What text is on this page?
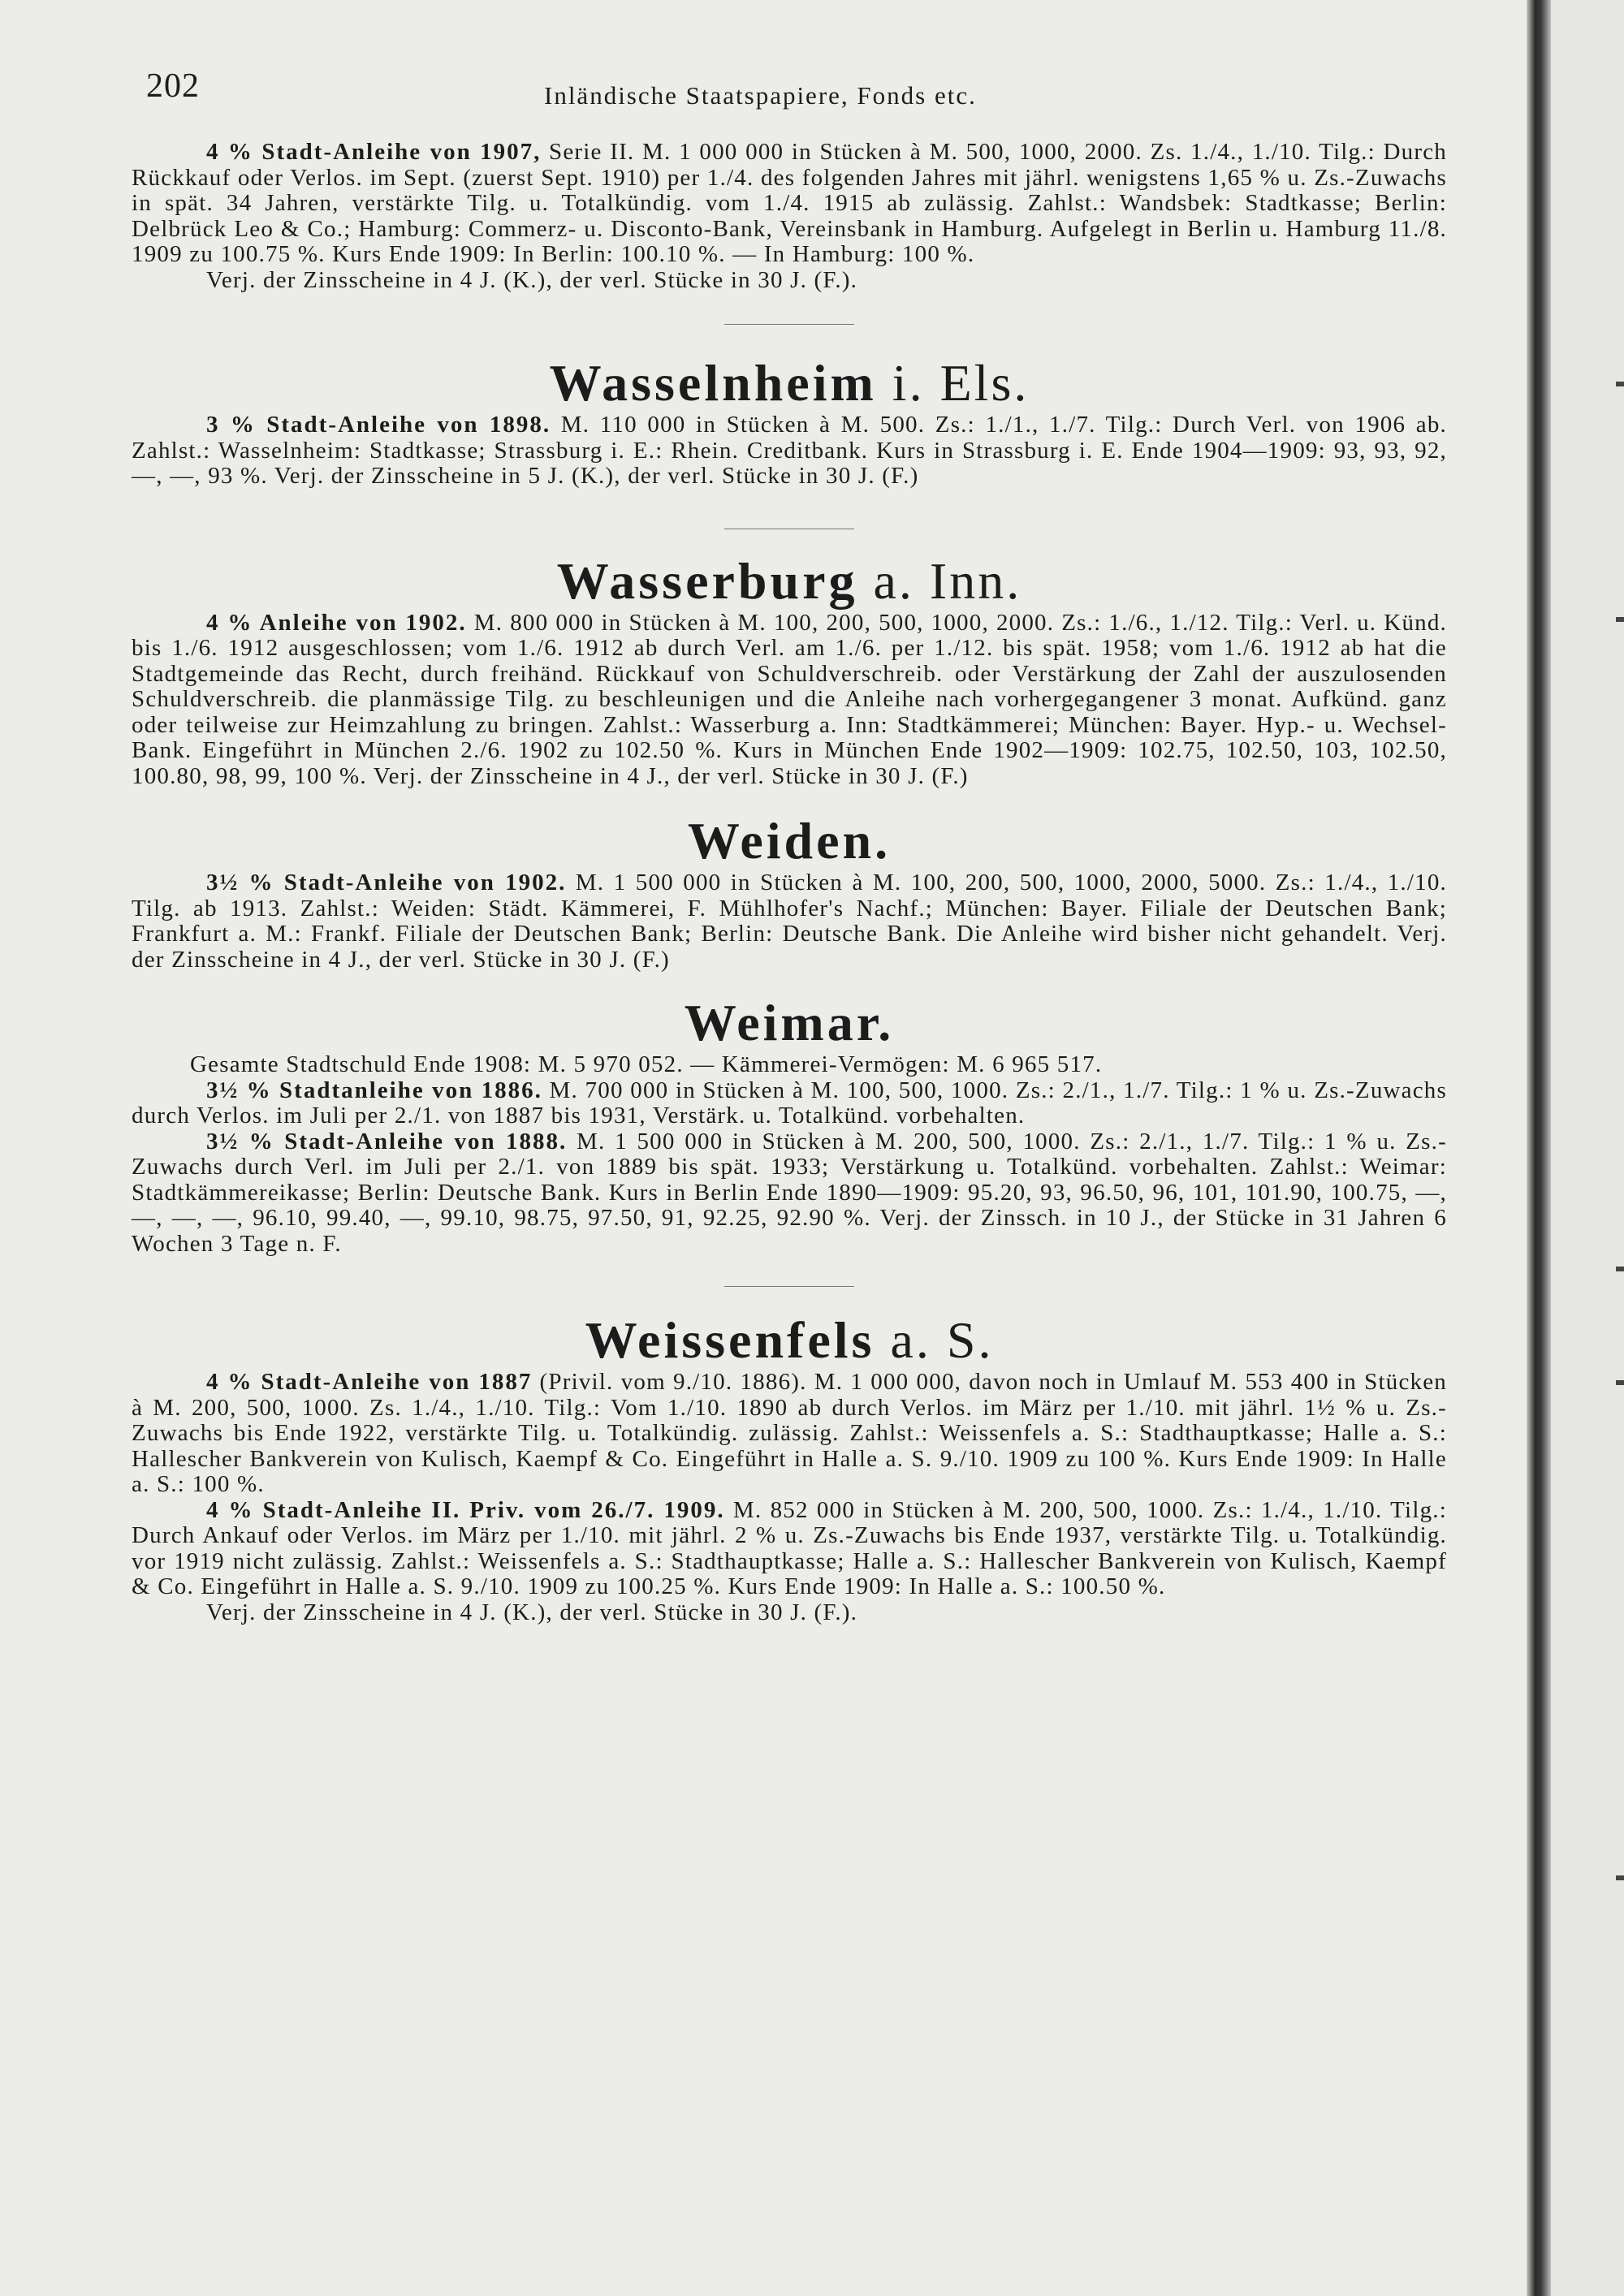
202	Inländische Staatspapiere, Fonds etc.

4 % Stadt-Anleihe von 1907, Serie II. M. 1 000 000 in Stücken à M. 500, 1000, 2000. Zs. 1./4., 1./10. Tilg.: Durch Rückkauf oder Verlos. im Sept. (zuerst Sept. 1910) per 1./4. des folgenden Jahres mit jährl. wenigstens 1,65 % u. Zs.-Zuwachs in spät. 34 Jahren, verstärkte Tilg. u. Totalkündig. vom 1./4. 1915 ab zulässig. Zahlst.: Wandsbek: Stadtkasse; Berlin: Delbrück Leo & Co.; Hamburg: Commerz- u. Disconto-Bank, Vereinsbank in Hamburg. Aufgelegt in Berlin u. Hamburg 11./8. 1909 zu 100.75 %. Kurs Ende 1909: In Berlin: 100.10 %. — In Hamburg: 100 %.

Verj. der Zinsscheine in 4 J. (K.), der verl. Stücke in 30 J. (F.).

Wasselnheim i. Els.

3 % Stadt-Anleihe von 1898. M. 110 000 in Stücken à M. 500. Zs.: 1./1., 1./7. Tilg.: Durch Verl. von 1906 ab. Zahlst.: Wasselnheim: Stadtkasse; Strassburg i. E.: Rhein. Creditbank. Kurs in Strassburg i. E. Ende 1904—1909: 93, 93, 92, —, —, 93 %. Verj. der Zinsscheine in 5 J. (K.), der verl. Stücke in 30 J. (F.)

Wasserburg a. Inn.

4 % Anleihe von 1902. M. 800 000 in Stücken à M. 100, 200, 500, 1000, 2000. Zs.: 1./6., 1./12. Tilg.: Verl. u. Künd. bis 1./6. 1912 ausgeschlossen; vom 1./6. 1912 ab durch Verl. am 1./6. per 1./12. bis spät. 1958; vom 1./6. 1912 ab hat die Stadtgemeinde das Recht, durch freihänd. Rückkauf von Schuldverschreib. oder Verstärkung der Zahl der auszulosenden Schuldverschreib. die planmässige Tilg. zu beschleunigen und die Anleihe nach vorhergegangener 3 monat. Aufkünd. ganz oder teilweise zur Heimzahlung zu bringen. Zahlst.: Wasserburg a. Inn: Stadtkämmerei; München: Bayer. Hyp.- u. Wechsel-Bank. Eingeführt in München 2./6. 1902 zu 102.50 %. Kurs in München Ende 1902—1909: 102.75, 102.50, 103, 102.50, 100.80, 98, 99, 100 %. Verj. der Zinsscheine in 4 J., der verl. Stücke in 30 J. (F.)

Weiden.

3½ % Stadt-Anleihe von 1902. M. 1 500 000 in Stücken à M. 100, 200, 500, 1000, 2000, 5000. Zs.: 1./4., 1./10. Tilg. ab 1913. Zahlst.: Weiden: Städt. Kämmerei, F. Mühlhofer's Nachf.; München: Bayer. Filiale der Deutschen Bank; Frankfurt a. M.: Frankf. Filiale der Deutschen Bank; Berlin: Deutsche Bank. Die Anleihe wird bisher nicht gehandelt. Verj. der Zinsscheine in 4 J., der verl. Stücke in 30 J. (F.)

Weimar.

Gesamte Stadtschuld Ende 1908: M. 5 970 052. — Kämmerei-Vermögen: M. 6 965 517.

3½ % Stadtanleihe von 1886. M. 700 000 in Stücken à M. 100, 500, 1000. Zs.: 2./1., 1./7. Tilg.: 1 % u. Zs.-Zuwachs durch Verlos. im Juli per 2./1. von 1887 bis 1931, Verstärk. u. Totalkünd. vorbehalten.

3½ % Stadt-Anleihe von 1888. M. 1 500 000 in Stücken à M. 200, 500, 1000. Zs.: 2./1., 1./7. Tilg.: 1 % u. Zs.-Zuwachs durch Verl. im Juli per 2./1. von 1889 bis spät. 1933; Verstärkung u. Totalkünd. vorbehalten. Zahlst.: Weimar: Stadtkämmereikasse; Berlin: Deutsche Bank. Kurs in Berlin Ende 1890—1909: 95.20, 93, 96.50, 96, 101, 101.90, 100.75, —, —, —, —, 96.10, 99.40, —, 99.10, 98.75, 97.50, 91, 92.25, 92.90 %. Verj. der Zinssch. in 10 J., der Stücke in 31 Jahren 6 Wochen 3 Tage n. F.

Weissenfels a. S.

4 % Stadt-Anleihe von 1887 (Privil. vom 9./10. 1886). M. 1 000 000, davon noch in Umlauf M. 553 400 in Stücken à M. 200, 500, 1000. Zs. 1./4., 1./10. Tilg.: Vom 1./10. 1890 ab durch Verlos. im März per 1./10. mit jährl. 1½ % u. Zs.-Zuwachs bis Ende 1922, verstärkte Tilg. u. Totalkündig. zulässig. Zahlst.: Weissenfels a. S.: Stadthauptkasse; Halle a. S.: Hallescher Bankverein von Kulisch, Kaempf & Co. Eingeführt in Halle a. S. 9./10. 1909 zu 100 %. Kurs Ende 1909: In Halle a. S.: 100 %.

4 % Stadt-Anleihe II. Priv. vom 26./7. 1909. M. 852 000 in Stücken à M. 200, 500, 1000. Zs.: 1./4., 1./10. Tilg.: Durch Ankauf oder Verlos. im März per 1./10. mit jährl. 2 % u. Zs.-Zuwachs bis Ende 1937, verstärkte Tilg. u. Totalkündig. vor 1919 nicht zulässig. Zahlst.: Weissenfels a. S.: Stadthauptkasse; Halle a. S.: Hallescher Bankverein von Kulisch, Kaempf & Co. Eingeführt in Halle a. S. 9./10. 1909 zu 100.25 %. Kurs Ende 1909: In Halle a. S.: 100.50 %.

Verj. der Zinsscheine in 4 J. (K.), der verl. Stücke in 30 J. (F.).
